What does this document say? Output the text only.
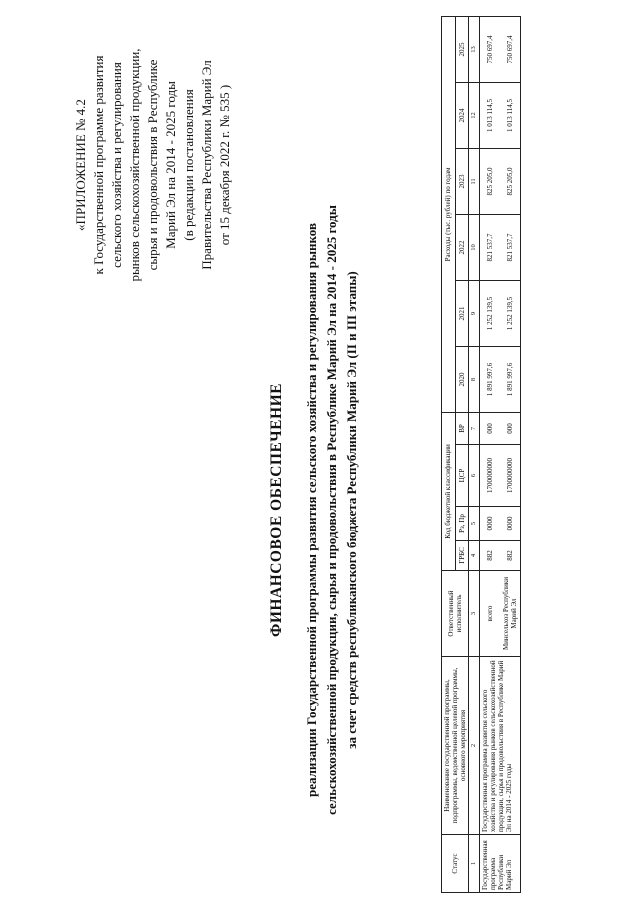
«ПРИЛОЖЕНИЕ № 4.2 к Государственной программе развития сельского хозяйства и регулирования рынков сельскохозяйственной продукции, сырья и продовольствия в Республике Марий Эл на 2014 - 2025 годы (в редакции постановления Правительства Республики Марий Эл от 15 декабря 2022 г. № 535 )
ФИНАНСОВОЕ ОБЕСПЕЧЕНИЕ реализации Государственной программы развития сельского хозяйства и регулирования рынков сельскохозяйственной продукции, сырья и продовольствия в Республике Марий Эл на 2014 - 2025 годы за счет средств республиканского бюджета Республики Марий Эл (II и III этапы)
Статус	Наименование государственной программы, подпрограммы, ведомственной целевой программы, основного мероприятия	Ответственный исполнитель	Код бюджетной классификации				Расходы (тыс. рублей) по годам					
			ГРБС	Рз, Пр	ЦСР	ВР	2020	2021	2022	2023	2024	2025
1	2	3	4	5	6	7	8	9	10	11	12	13
Государственная программа Республики Марий Эл	Государственная программа развития сельского хозяйства и регулирования рынков сельскохозяйственной продукции, сырья и продовольствия в Республике Марий Эл на 2014 - 2025 годы	всего	882	0000	1700000000	000	1 891 997,6	1 252 139,5	821 537,7	825 205,0	1 013 114,5	750 697,4
		Минсельхоз Республики Марий Эл	882	0000	1700000000	000	1 891 997,6	1 252 139,5	821 537,7	825 205,0	1 013 114,5	750 697,4
